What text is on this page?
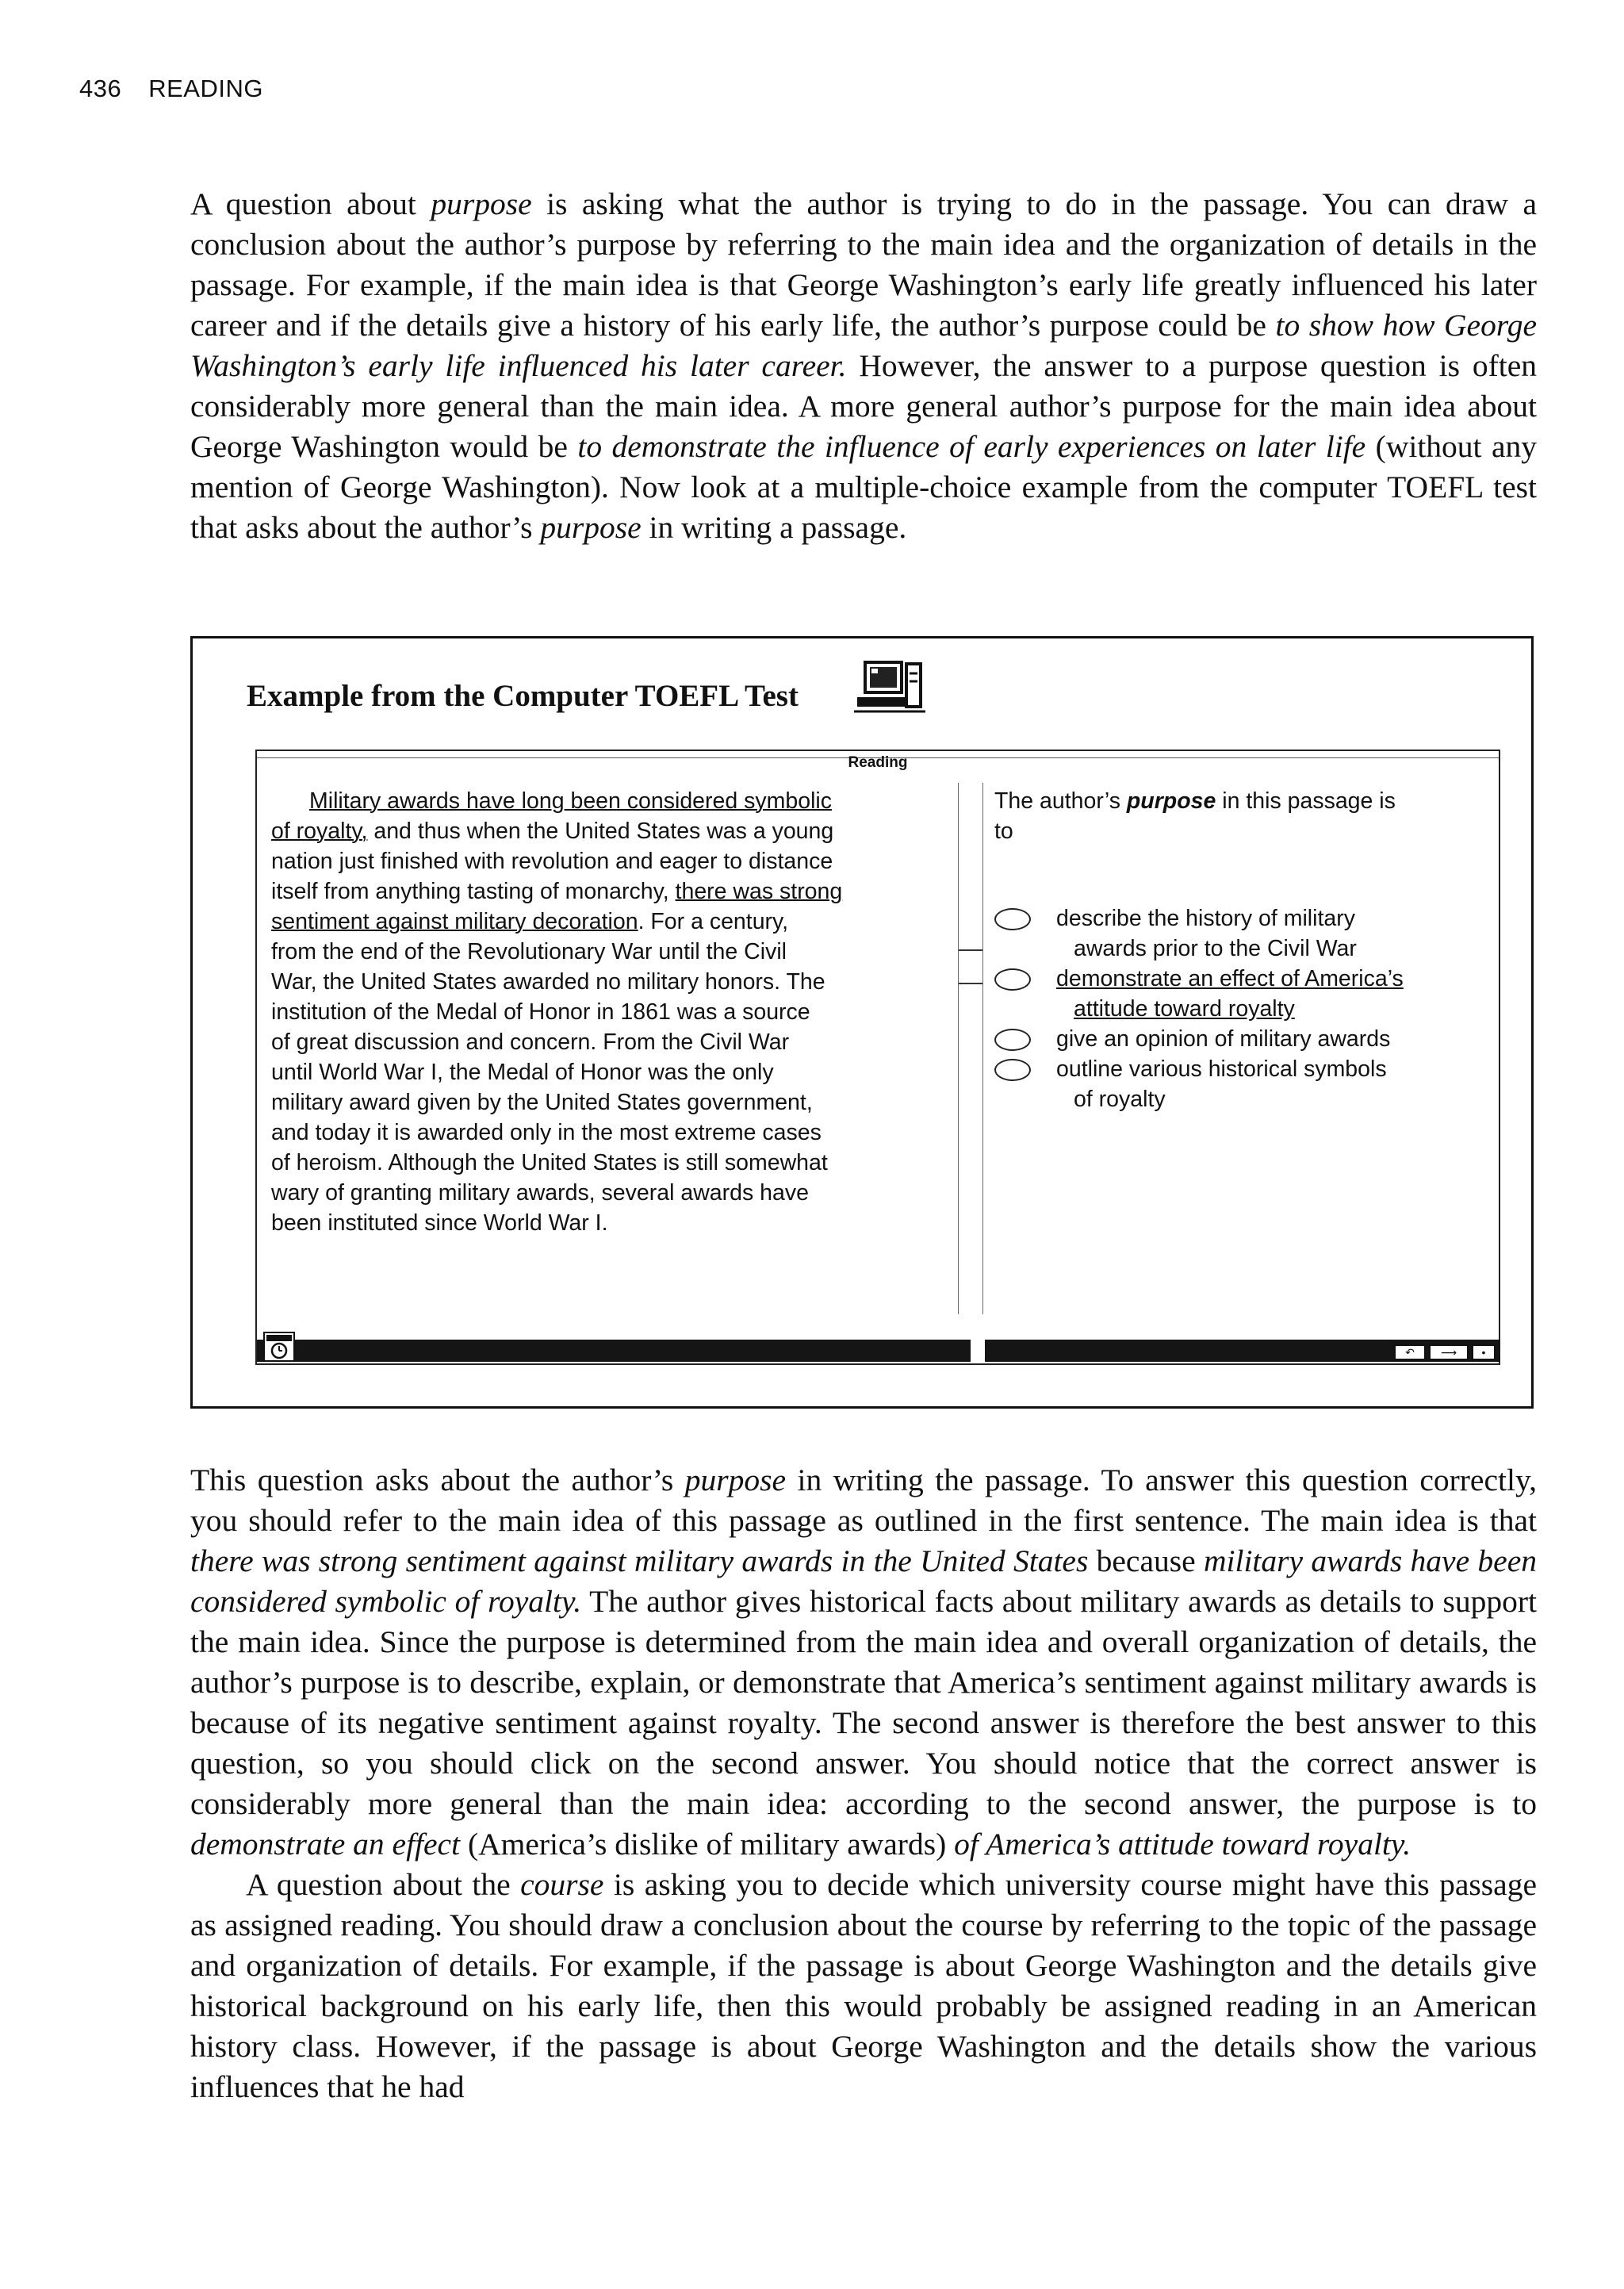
436 READING

A question about purpose is asking what the author is trying to do in the passage. You can draw a conclusion about the author’s purpose by referring to the main idea and the organization of details in the passage. For example, if the main idea is that George Washington’s early life greatly influenced his later career and if the details give a history of his early life, the author’s purpose could be to show how George Washington’s early life influenced his later career. However, the answer to a purpose question is often considerably more general than the main idea. A more general author’s purpose for the main idea about George Washington would be to demonstrate the influence of early experiences on later life (without any mention of George Washington). Now look at a multiple-choice example from the computer TOEFL test that asks about the author’s purpose in writing a passage.

Example from the Computer TOEFL Test
Reading
Military awards have long been considered symbolic
of royalty, and thus when the United States was a young
nation just finished with revolution and eager to distance
itself from anything tasting of monarchy, there was strong
sentiment against military decoration. For a century,
from the end of the Revolutionary War until the Civil
War, the United States awarded no military honors. The
institution of the Medal of Honor in 1861 was a source
of great discussion and concern. From the Civil War
until World War I, the Medal of Honor was the only
military award given by the United States government,
and today it is awarded only in the most extreme cases
of heroism. Although the United States is still somewhat
wary of granting military awards, several awards have
been instituted since World War I.
The author’s purpose in this passage is
to
describe the history of military
awards prior to the Civil War
demonstrate an effect of America’s
attitude toward royalty
give an opinion of military awards
outline various historical symbols
of royalty
↶	⟶	•

This question asks about the author’s purpose in writing the passage. To answer this question correctly, you should refer to the main idea of this passage as outlined in the first sentence. The main idea is that there was strong sentiment against military awards in the United States because military awards have been considered symbolic of royalty. The author gives historical facts about military awards as details to support the main idea. Since the purpose is determined from the main idea and overall organization of details, the author’s purpose is to describe, explain, or demonstrate that America’s sentiment against military awards is because of its negative sentiment against royalty. The second answer is therefore the best answer to this question, so you should click on the second answer. You should notice that the correct answer is considerably more general than the main idea: according to the second answer, the purpose is to demonstrate an effect (America’s dislike of military awards) of America’s attitude toward royalty.

A question about the course is asking you to decide which university course might have this passage as assigned reading. You should draw a conclusion about the course by referring to the topic of the passage and organization of details. For example, if the passage is about George Washington and the details give historical background on his early life, then this would probably be assigned reading in an American history class. However, if the passage is about George Washington and the details show the various influences that he had
